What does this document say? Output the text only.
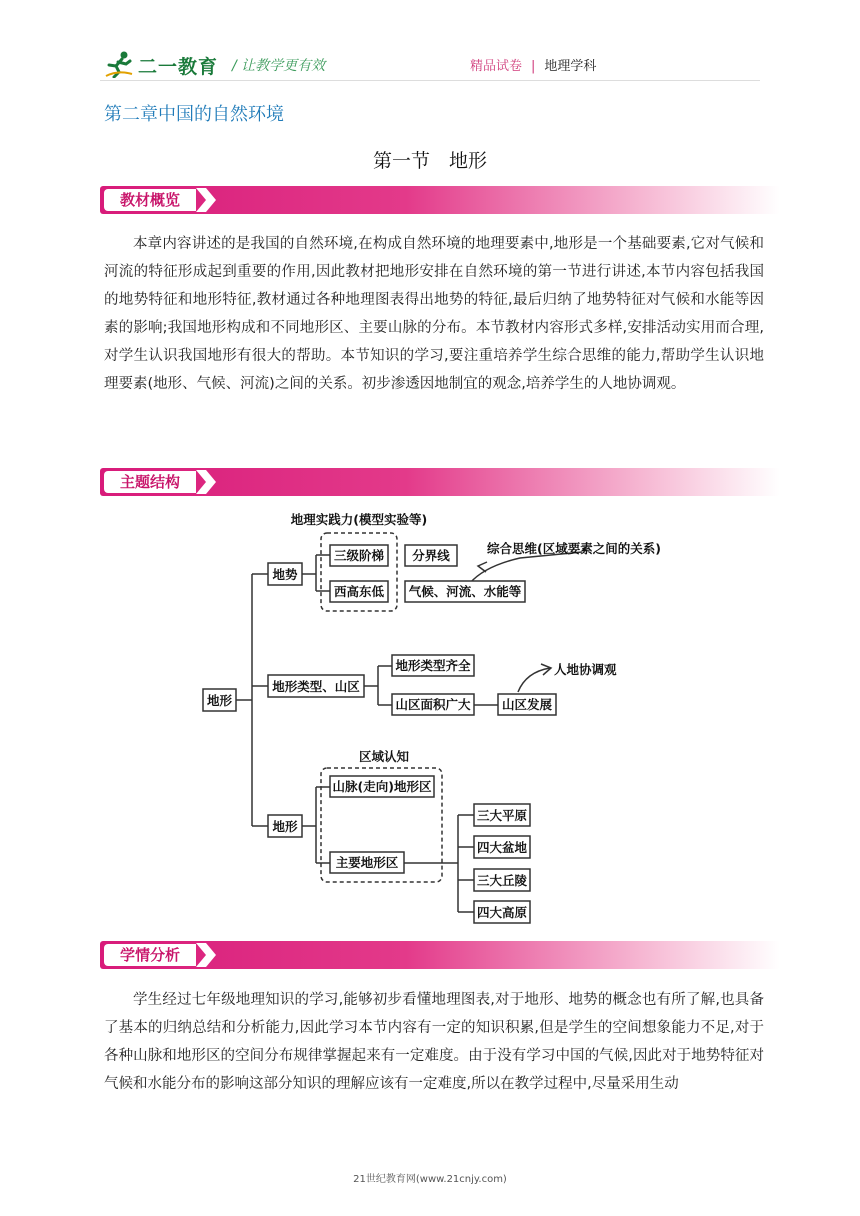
二一教育 / 让教学更有效	精品试卷 | 地理学科
第二章中国的自然环境
第一节　地形
教材概览
本章内容讲述的是我国的自然环境,在构成自然环境的地理要素中,地形是一个基础要素,它对气候和河流的特征形成起到重要的作用,因此教材把地形安排在自然环境的第一节进行讲述,本节内容包括我国的地势特征和地形特征,教材通过各种地理图表得出地势的特征,最后归纳了地势特征对气候和水能等因素的影响;我国地形构成和不同地形区、主要山脉的分布。本节教材内容形式多样,安排活动实用而合理,对学生认识我国地形有很大的帮助。本节知识的学习,要注重培养学生综合思维的能力,帮助学生认识地理要素(地形、气候、河流)之间的关系。初步渗透因地制宜的观念,培养学生的人地协调观。
主题结构
地形
地势
地理实践力(模型实验等)
三级阶梯 分界线
西高东低 气候、河流、水能等
综合思维(区域要素之间的关系)
地形类型、山区
地形类型齐全
山区面积广大	山区发展
人地协调观
区域认知
地形
山脉(走向)地形区
主要地形区
三大平原
四大盆地
三大丘陵
四大高原
学情分析
学生经过七年级地理知识的学习,能够初步看懂地理图表,对于地形、地势的概念也有所了解,也具备了基本的归纳总结和分析能力,因此学习本节内容有一定的知识积累,但是学生的空间想象能力不足,对于各种山脉和地形区的空间分布规律掌握起来有一定难度。由于没有学习中国的气候,因此对于地势特征对气候和水能分布的影响这部分知识的理解应该有一定难度,所以在教学过程中,尽量采用生动
21世纪教育网(www.21cnjy.com)
